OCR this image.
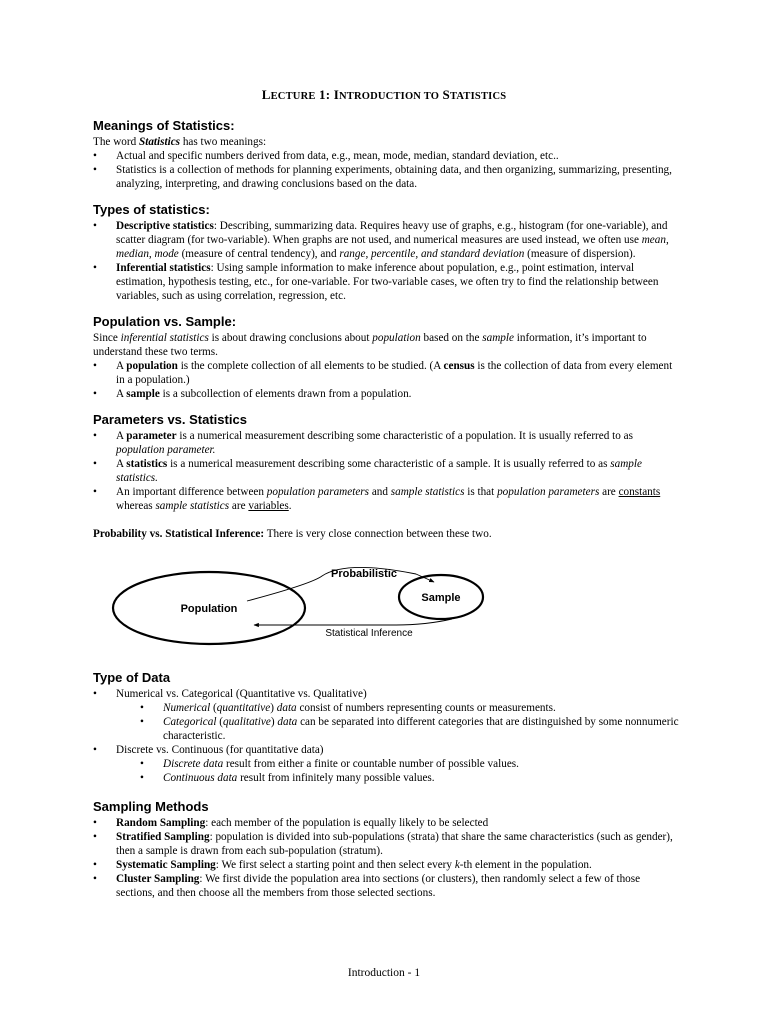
LECTURE 1: INTRODUCTION TO STATISTICS
Meanings of Statistics:

The word Statistics has two meanings:

• Actual and specific numbers derived from data, e.g., mean, mode, median, standard deviation, etc..
• Statistics is a collection of methods for planning experiments, obtaining data, and then organizing, summarizing, presenting, analyzing, interpreting, and drawing conclusions based on the data.
Types of statistics:
• Descriptive statistics: Describing, summarizing data. Requires heavy use of graphs, e.g., histogram (for one-variable), and scatter diagram (for two-variable). When graphs are not used, and numerical measures are used instead, we often use mean, median, mode (measure of central tendency), and range, percentile, and standard deviation (measure of dispersion).
• Inferential statistics: Using sample information to make inference about population, e.g., point estimation, interval estimation, hypothesis testing, etc., for one-variable. For two-variable cases, we often try to find the relationship between variables, such as using correlation, regression, etc.
Population vs. Sample:

Since inferential statistics is about drawing conclusions about population based on the sample information, it’s important to understand these two terms.

• A population is the complete collection of all elements to be studied. (A census is the collection of data from every element in a population.)
• A sample is a subcollection of elements drawn from a population.
Parameters vs. Statistics
• A parameter is a numerical measurement describing some characteristic of a population. It is usually referred to as population parameter.
• A statistics is a numerical measurement describing some characteristic of a sample. It is usually referred to as sample statistics.
• An important difference between population parameters and sample statistics is that population parameters are constants whereas sample statistics are variables.

Probability vs. Statistical Inference: There is very close connection between these two.

Population
Sample
Probabilistic
Statistical Inference
Type of Data
• Numerical vs. Categorical (Quantitative vs. Qualitative)
• Numerical (quantitative) data consist of numbers representing counts or measurements.
• Categorical (qualitative) data can be separated into different categories that are distinguished by some nonnumeric characteristic.
• Discrete vs. Continuous (for quantitative data)
• Discrete data result from either a finite or countable number of possible values.
• Continuous data result from infinitely many possible values.
Sampling Methods
• Random Sampling: each member of the population is equally likely to be selected
• Stratified Sampling: population is divided into sub-populations (strata) that share the same characteristics (such as gender), then a sample is drawn from each sub-population (stratum).
• Systematic Sampling: We first select a starting point and then select every k-th element in the population.
• Cluster Sampling: We first divide the population area into sections (or clusters), then randomly select a few of those sections, and then choose all the members from those selected sections.
Introduction - 1
